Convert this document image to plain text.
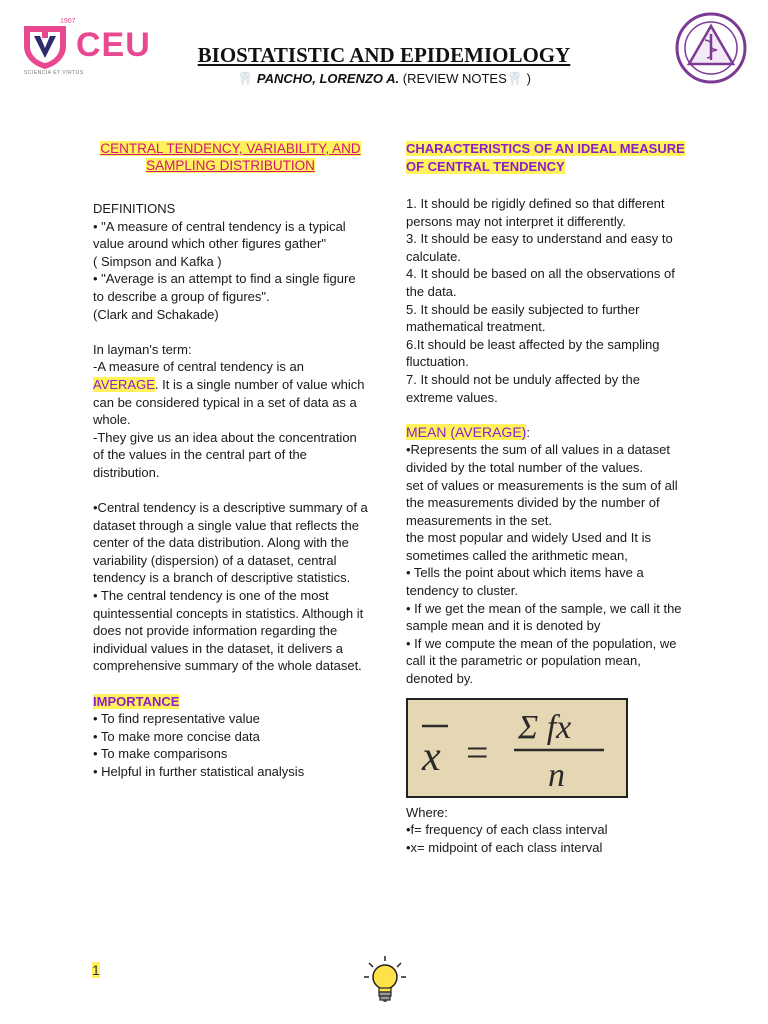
1907
CEU
SCIENCIA ET VIRTUS
BIOSTATISTIC AND EPIDEMIOLOGY
🦷 PANCHO, LORENZO A. (REVIEW NOTES🦷 )
CENTRAL TENDENCY, VARIABILITY, AND SAMPLING DISTRIBUTION

DEFINITIONS

• "A measure of central tendency is a typical value around which other figures gather"

( Simpson and Kafka )

• "Average is an attempt to find a single figure to describe a group of figures".

(Clark and Schakade)

In layman's term:

-A measure of central tendency is an AVERAGE. It is a single number of value which can be considered typical in a set of data as a whole.

-They give us an idea about the concentration of the values in the central part of the distribution.

•Central tendency is a descriptive summary of a dataset through a single value that reflects the center of the data distribution. Along with the variability (dispersion) of a dataset, central tendency is a branch of descriptive statistics.

• The central tendency is one of the most quintessential concepts in statistics. Although it does not provide information regarding the individual values in the dataset, it delivers a comprehensive summary of the whole dataset.

IMPORTANCE

• To find representative value

• To make more concise data

• To make comparisons

• Helpful in further statistical analysis

CHARACTERISTICS OF AN IDEAL MEASURE OF CENTRAL TENDENCY

1. It should be rigidly defined so that different persons may not interpret it differently.

3. It should be easy to understand and easy to calculate.

4. It should be based on all the observations of the data.

5. It should be easily subjected to further mathematical treatment.

6.It should be least affected by the sampling fluctuation.

7. It should not be unduly affected by the extreme values.

MEAN (AVERAGE):

•Represents the sum of all values in a dataset divided by the total number of the values.

set of values or measurements is the sum of all the measurements divided by the number of measurements in the set.

the most popular and widely Used and It is sometimes called the arithmetic mean,

• Tells the point about which items have a tendency to cluster.

• If we get the mean of the sample, we call it the sample mean and it is denoted by

• If we compute the mean of the population, we call it the parametric or population mean, denoted by.

x =
Σ fx
n

Where:

•f= frequency of each class interval

•x= midpoint of each class interval

1
